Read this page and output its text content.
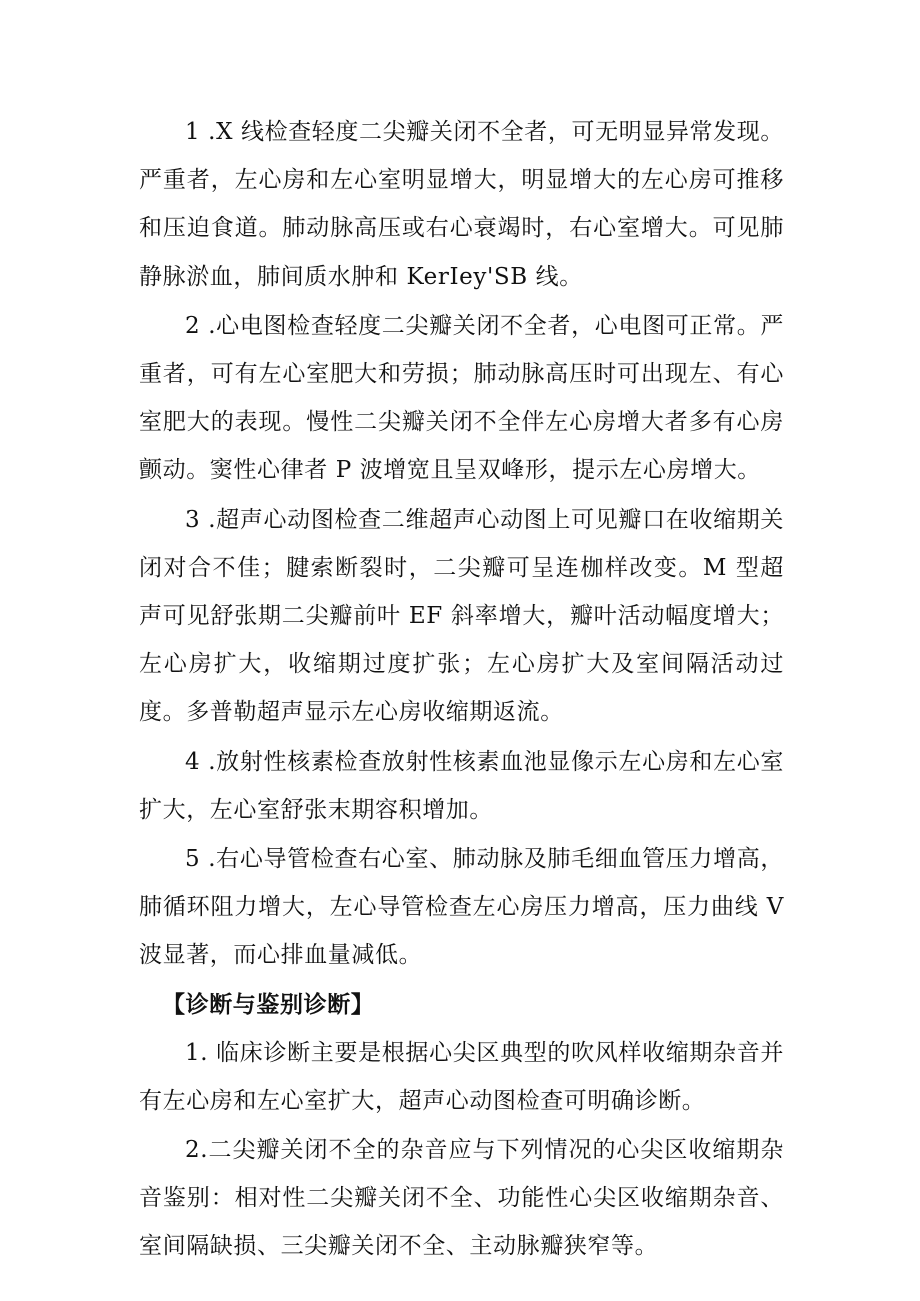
1 .X 线检查轻度二尖瓣关闭不全者，可无明显异常发现。严重者，左心房和左心室明显增大，明显增大的左心房可推移和压迫食道。肺动脉高压或右心衰竭时，右心室增大。可见肺静脉淤血，肺间质水肿和 KerIey'SB 线。

2 .心电图检查轻度二尖瓣关闭不全者，心电图可正常。严重者，可有左心室肥大和劳损；肺动脉高压时可出现左、有心室肥大的表现。慢性二尖瓣关闭不全伴左心房增大者多有心房颤动。窦性心律者 P 波增宽且呈双峰形，提示左心房增大。

3 .超声心动图检查二维超声心动图上可见瓣口在收缩期关闭对合不佳；腱索断裂时，二尖瓣可呈连枷样改变。M 型超声可见舒张期二尖瓣前叶 EF 斜率增大，瓣叶活动幅度增大；左心房扩大，收缩期过度扩张；左心房扩大及室间隔活动过度。多普勒超声显示左心房收缩期返流。

4 .放射性核素检查放射性核素血池显像示左心房和左心室扩大，左心室舒张末期容积增加。

5 .右心导管检查右心室、肺动脉及肺毛细血管压力增高，肺循环阻力增大，左心导管检查左心房压力增高，压力曲线 V 波显著，而心排血量减低。

【诊断与鉴别诊断】

1. 临床诊断主要是根据心尖区典型的吹风样收缩期杂音并有左心房和左心室扩大，超声心动图检查可明确诊断。

2.二尖瓣关闭不全的杂音应与下列情况的心尖区收缩期杂音鉴别：相对性二尖瓣关闭不全、功能性心尖区收缩期杂音、室间隔缺损、三尖瓣关闭不全、主动脉瓣狭窄等。
